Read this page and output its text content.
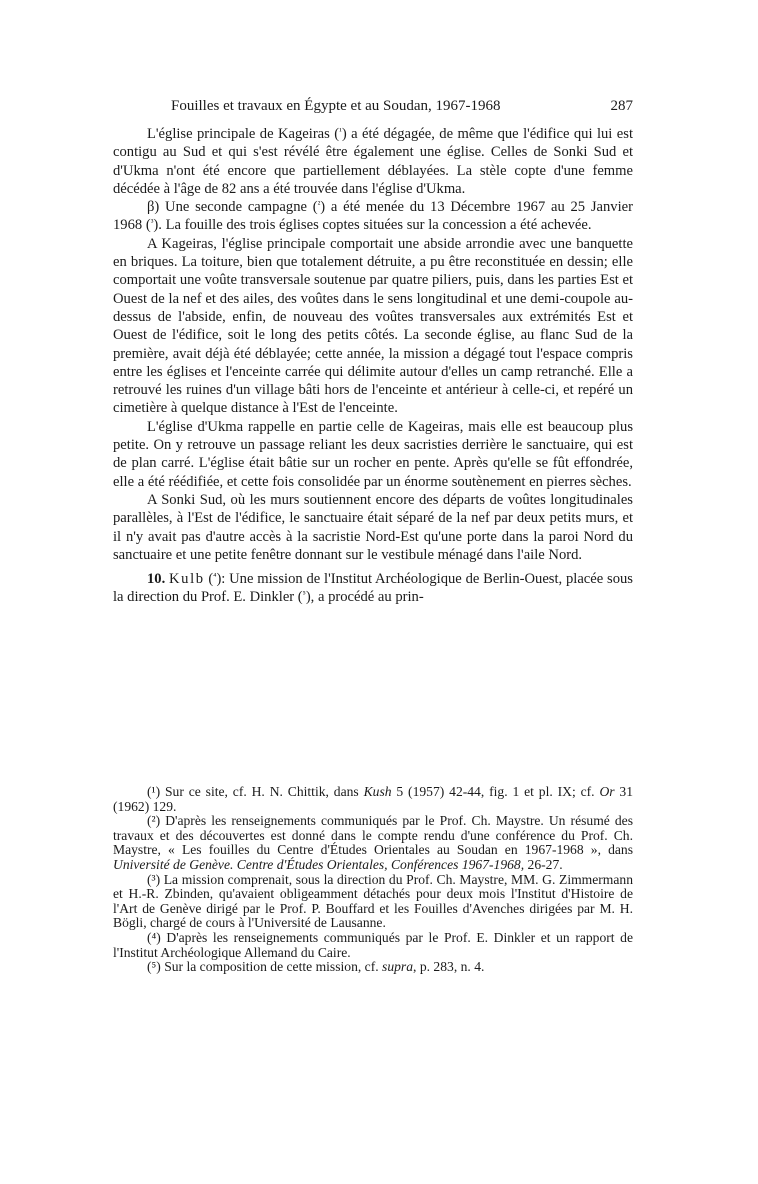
Fouilles et travaux en Égypte et au Soudan, 1967-1968	287

L'église principale de Kageiras ($^{^1}$) a été dégagée, de même que l'édifice qui lui est contigu au Sud et qui s'est révélé être également une église. Celles de Sonki Sud et d'Ukma n'ont été encore que partiellement déblayées. La stèle copte d'une femme décédée à l'âge de 82 ans a été trouvée dans l'église d'Ukma.

β) Une seconde campagne ($^{^2}$) a été menée du 13 Décembre 1967 au 25 Janvier 1968 ($^{^3}$). La fouille des trois églises coptes situées sur la concession a été achevée.

A Kageiras, l'église principale comportait une abside arrondie avec une banquette en briques. La toiture, bien que totalement détruite, a pu être reconstituée en dessin; elle comportait une voûte transversale soutenue par quatre piliers, puis, dans les parties Est et Ouest de la nef et des ailes, des voûtes dans le sens longitudinal et une demi-coupole au-dessus de l'abside, enfin, de nouveau des voûtes transversales aux extrémités Est et Ouest de l'édifice, soit le long des petits côtés. La seconde église, au flanc Sud de la première, avait déjà été déblayée; cette année, la mission a dégagé tout l'espace compris entre les églises et l'enceinte carrée qui délimite autour d'elles un camp retranché. Elle a retrouvé les ruines d'un village bâti hors de l'enceinte et antérieur à celle-ci, et repéré un cimetière à quelque distance à l'Est de l'enceinte.

L'église d'Ukma rappelle en partie celle de Kageiras, mais elle est beaucoup plus petite. On y retrouve un passage reliant les deux sacristies derrière le sanctuaire, qui est de plan carré. L'église était bâtie sur un rocher en pente. Après qu'elle se fût effondrée, elle a été réédifiée, et cette fois consolidée par un énorme soutènement en pierres sèches.

A Sonki Sud, où les murs soutiennent encore des départs de voûtes longitudinales parallèles, à l'Est de l'édifice, le sanctuaire était séparé de la nef par deux petits murs, et il n'y avait pas d'autre accès à la sacristie Nord-Est qu'une porte dans la paroi Nord du sanctuaire et une petite fenêtre donnant sur le vestibule ménagé dans l'aile Nord.

10. Kulb ($^{^4}$): Une mission de l'Institut Archéologique de Berlin-Ouest, placée sous la direction du Prof. E. Dinkler ($^{^5}$), a procédé au prin-

(¹) Sur ce site, cf. H. N. Chittik, dans Kush 5 (1957) 42-44, fig. 1 et pl. IX; cf. Or 31 (1962) 129.

(²) D'après les renseignements communiqués par le Prof. Ch. Maystre. Un résumé des travaux et des découvertes est donné dans le compte rendu d'une conférence du Prof. Ch. Maystre, « Les fouilles du Centre d'Études Orientales au Soudan en 1967-1968 », dans Université de Genève. Centre d'Études Orientales, Conférences 1967-1968, 26-27.

(³) La mission comprenait, sous la direction du Prof. Ch. Maystre, MM. G. Zimmermann et H.-R. Zbinden, qu'avaient obligeamment détachés pour deux mois l'Institut d'Histoire de l'Art de Genève dirigé par le Prof. P. Bouffard et les Fouilles d'Avenches dirigées par M. H. Bögli, chargé de cours à l'Université de Lausanne.

(⁴) D'après les renseignements communiqués par le Prof. E. Dinkler et un rapport de l'Institut Archéologique Allemand du Caire.

(⁵) Sur la composition de cette mission, cf. supra, p. 283, n. 4.
